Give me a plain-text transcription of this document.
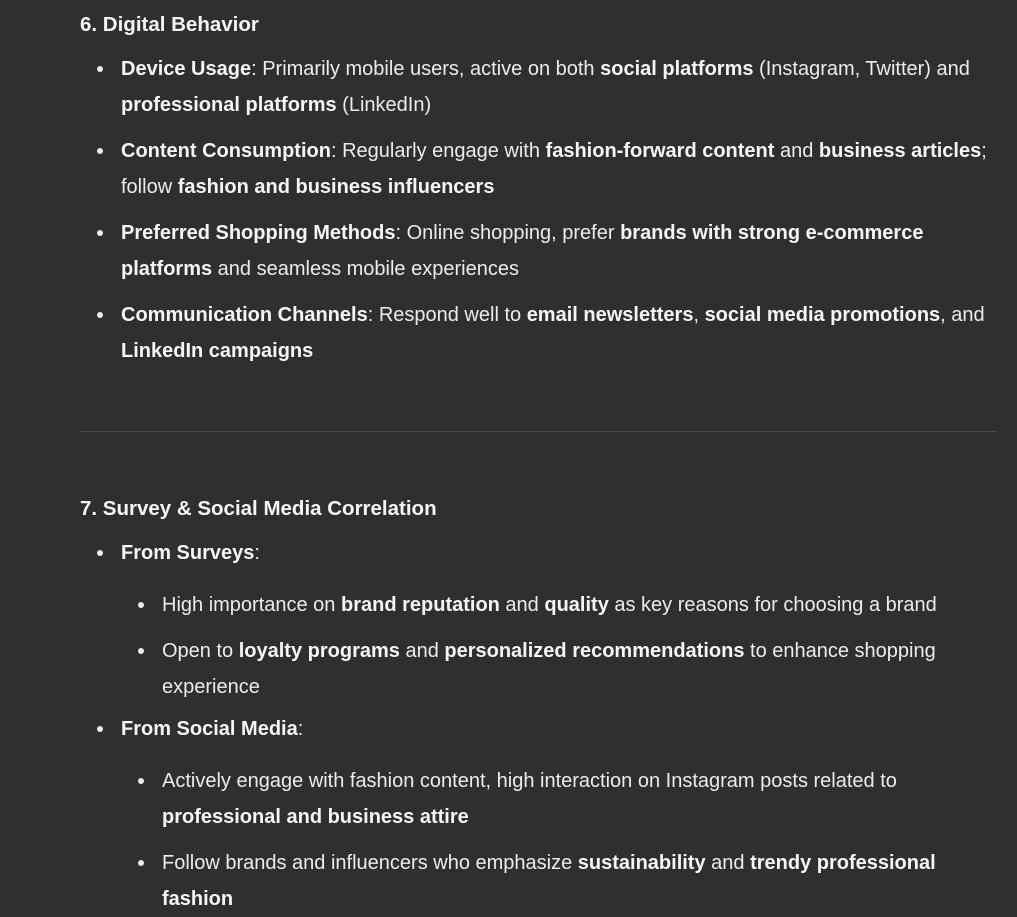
6. Digital Behavior
Device Usage: Primarily mobile users, active on both social platforms (Instagram, Twitter) and professional platforms (LinkedIn)
Content Consumption: Regularly engage with fashion-forward content and business articles; follow fashion and business influencers
Preferred Shopping Methods: Online shopping, prefer brands with strong e-commerce platforms and seamless mobile experiences
Communication Channels: Respond well to email newsletters, social media promotions, and LinkedIn campaigns
7. Survey & Social Media Correlation
From Surveys:
High importance on brand reputation and quality as key reasons for choosing a brand
Open to loyalty programs and personalized recommendations to enhance shopping experience
From Social Media:
Actively engage with fashion content, high interaction on Instagram posts related to professional and business attire
Follow brands and influencers who emphasize sustainability and trendy professional fashion
